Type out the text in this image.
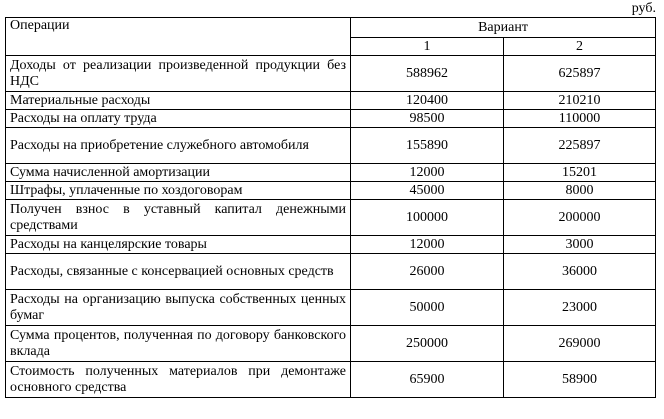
руб.
Операции	Вариант	
	1	2
Доходы от реализации произведенной продукции без НДС	588962	625897
Материальные расходы	120400	210210
Расходы на оплату труда	98500	110000
Расходы на приобретение служебного автомобиля	155890	225897
Сумма начисленной амортизации	12000	15201
Штрафы, уплаченные по хоздоговорам	45000	8000
Получен взнос в уставный капитал денежными средствами	100000	200000
Расходы на канцелярские товары	12000	3000
Расходы, связанные с консервацией основных средств	26000	36000
Расходы на организацию выпуска собственных ценных бумаг	50000	23000
Сумма процентов, полученная по договору банковского вклада	250000	269000
Стоимость полученных материалов при демонтаже основного средства	65900	58900
